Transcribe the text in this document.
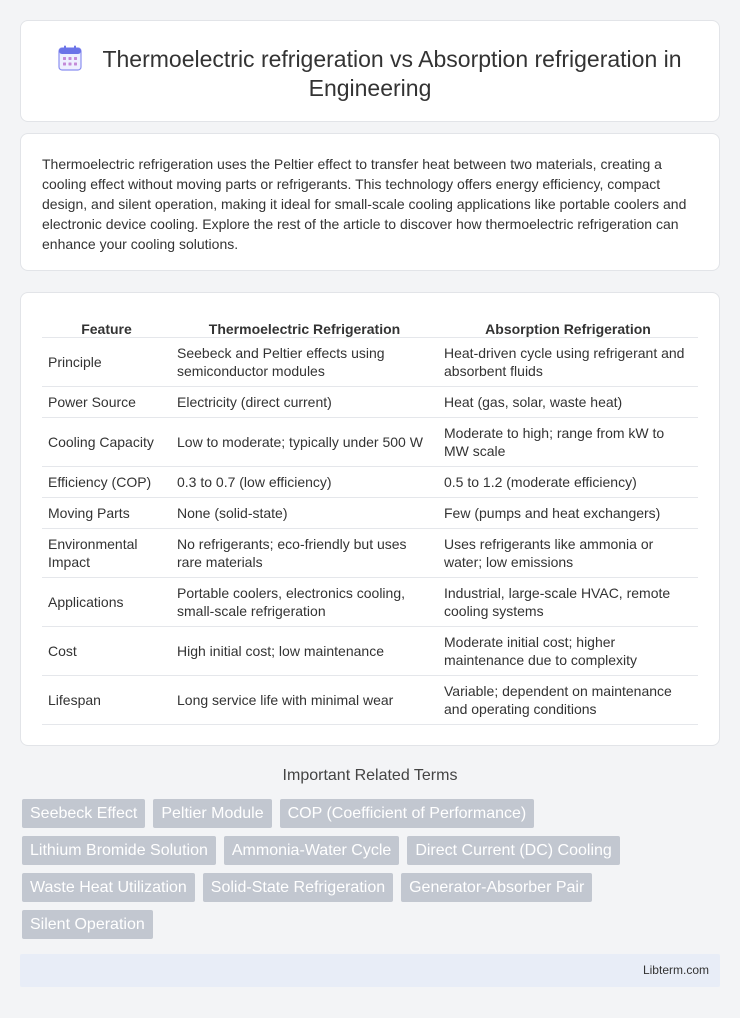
Thermoelectric refrigeration vs Absorption refrigeration in Engineering

Thermoelectric refrigeration uses the Peltier effect to transfer heat between two materials, creating a cooling effect without moving parts or refrigerants. This technology offers energy efficiency, compact design, and silent operation, making it ideal for small-scale cooling applications like portable coolers and electronic device cooling. Explore the rest of the article to discover how thermoelectric refrigeration can enhance your cooling solutions.

Feature	Thermoelectric Refrigeration	Absorption Refrigeration
Principle	Seebeck and Peltier effects using semiconductor modules	Heat-driven cycle using refrigerant and absorbent fluids
Power Source	Electricity (direct current)	Heat (gas, solar, waste heat)
Cooling Capacity	Low to moderate; typically under 500 W	Moderate to high; range from kW to MW scale
Efficiency (COP)	0.3 to 0.7 (low efficiency)	0.5 to 1.2 (moderate efficiency)
Moving Parts	None (solid-state)	Few (pumps and heat exchangers)
Environmental Impact	No refrigerants; eco-friendly but uses rare materials	Uses refrigerants like ammonia or water; low emissions
Applications	Portable coolers, electronics cooling, small-scale refrigeration	Industrial, large-scale HVAC, remote cooling systems
Cost	High initial cost; low maintenance	Moderate initial cost; higher maintenance due to complexity
Lifespan	Long service life with minimal wear	Variable; dependent on maintenance and operating conditions
Important Related Terms
Seebeck Effect	Peltier Module	COP (Coefficient of Performance)
Lithium Bromide Solution	Ammonia-Water Cycle	Direct Current (DC) Cooling
Waste Heat Utilization	Solid-State Refrigeration	Generator-Absorber Pair
Silent Operation
Libterm.com
